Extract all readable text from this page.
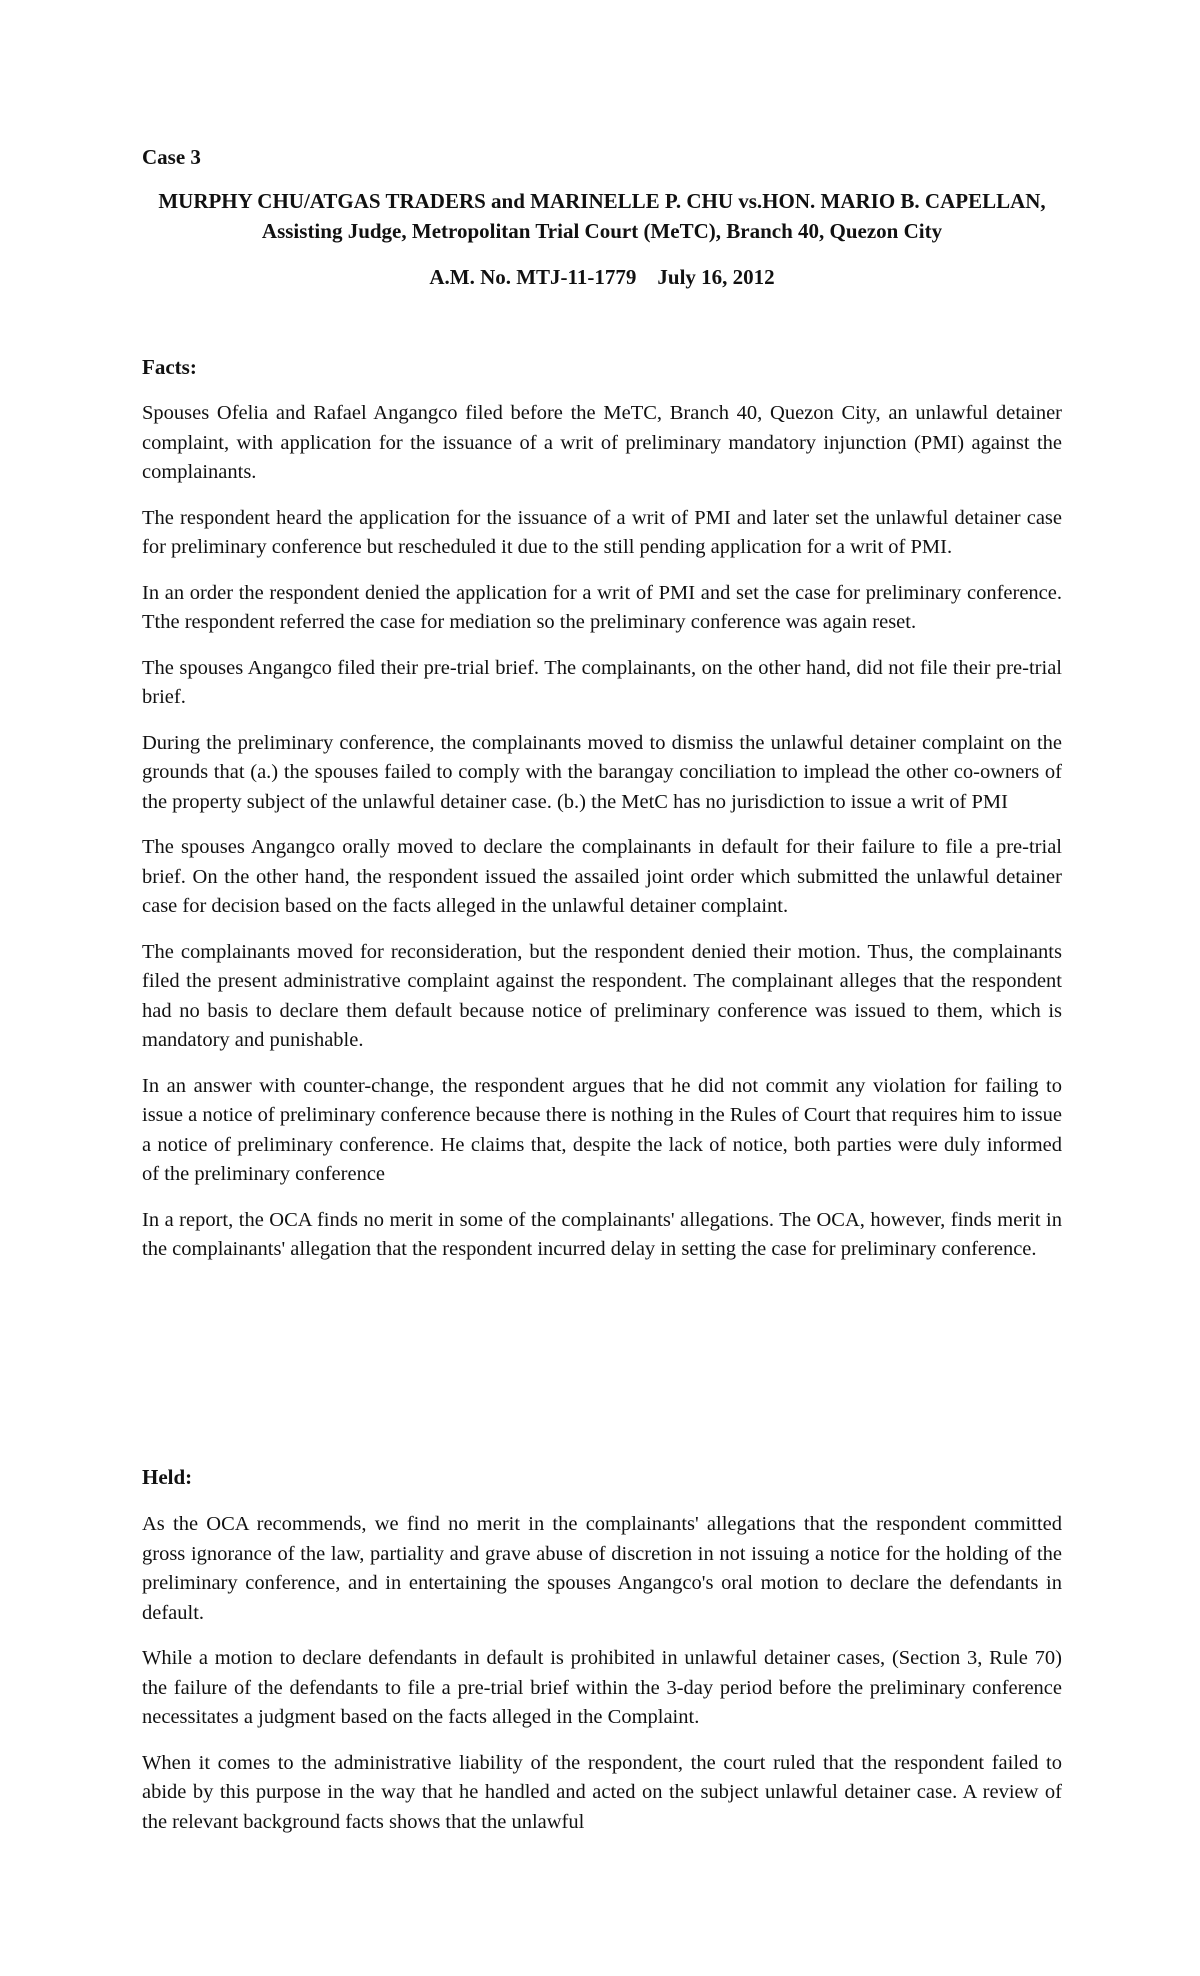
Case 3
MURPHY CHU/ATGAS TRADERS and MARINELLE P. CHU vs.HON. MARIO B. CAPELLAN, Assisting Judge, Metropolitan Trial Court (MeTC), Branch 40, Quezon City
A.M. No. MTJ-11-1779    July 16, 2012
Facts:

Spouses Ofelia and Rafael Angangco filed before the MeTC, Branch 40, Quezon City, an unlawful detainer complaint, with application for the issuance of a writ of preliminary mandatory injunction (PMI) against the complainants.

The respondent heard the application for the issuance of a writ of PMI and later set the unlawful detainer case for preliminary conference but rescheduled it due to the still pending application for a writ of PMI.

In an order the respondent denied the application for a writ of PMI and set the case for preliminary conference. Tthe respondent referred the case for mediation so the preliminary conference was again reset.

The spouses Angangco filed their pre-trial brief. The complainants, on the other hand, did not file their pre-trial brief.

During the preliminary conference, the complainants moved to dismiss the unlawful detainer complaint on the grounds that (a.) the spouses failed to comply with the barangay conciliation to implead the other co-owners of the property subject of the unlawful detainer case. (b.) the MetC has no jurisdiction to issue a writ of PMI

The spouses Angangco orally moved to declare the complainants in default for their failure to file a pre-trial brief. On the other hand, the respondent issued the assailed joint order which submitted the unlawful detainer case for decision based on the facts alleged in the unlawful detainer complaint.

The complainants moved for reconsideration, but the respondent denied their motion. Thus, the complainants filed the present administrative complaint against the respondent. The complainant alleges that the respondent had no basis to declare them default because notice of preliminary conference was issued to them, which is mandatory and punishable.

In an answer with counter-change, the respondent argues that he did not commit any violation for failing to issue a notice of preliminary conference because there is nothing in the Rules of Court that requires him to issue a notice of preliminary conference. He claims that, despite the lack of notice, both parties were duly informed of the preliminary conference

In a report, the OCA finds no merit in some of the complainants' allegations. The OCA, however, finds merit in the complainants' allegation that the respondent incurred delay in setting the case for preliminary conference.

Held:

As the OCA recommends, we find no merit in the complainants' allegations that the respondent committed gross ignorance of the law, partiality and grave abuse of discretion in not issuing a notice for the holding of the preliminary conference, and in entertaining the spouses Angangco's oral motion to declare the defendants in default.

While a motion to declare defendants in default is prohibited in unlawful detainer cases, (Section 3, Rule 70) the failure of the defendants to file a pre-trial brief within the 3-day period before the preliminary conference necessitates a judgment based on the facts alleged in the Complaint.

When it comes to the administrative liability of the respondent, the court ruled that the respondent failed to abide by this purpose in the way that he handled and acted on the subject unlawful detainer case. A review of the relevant background facts shows that the unlawful
